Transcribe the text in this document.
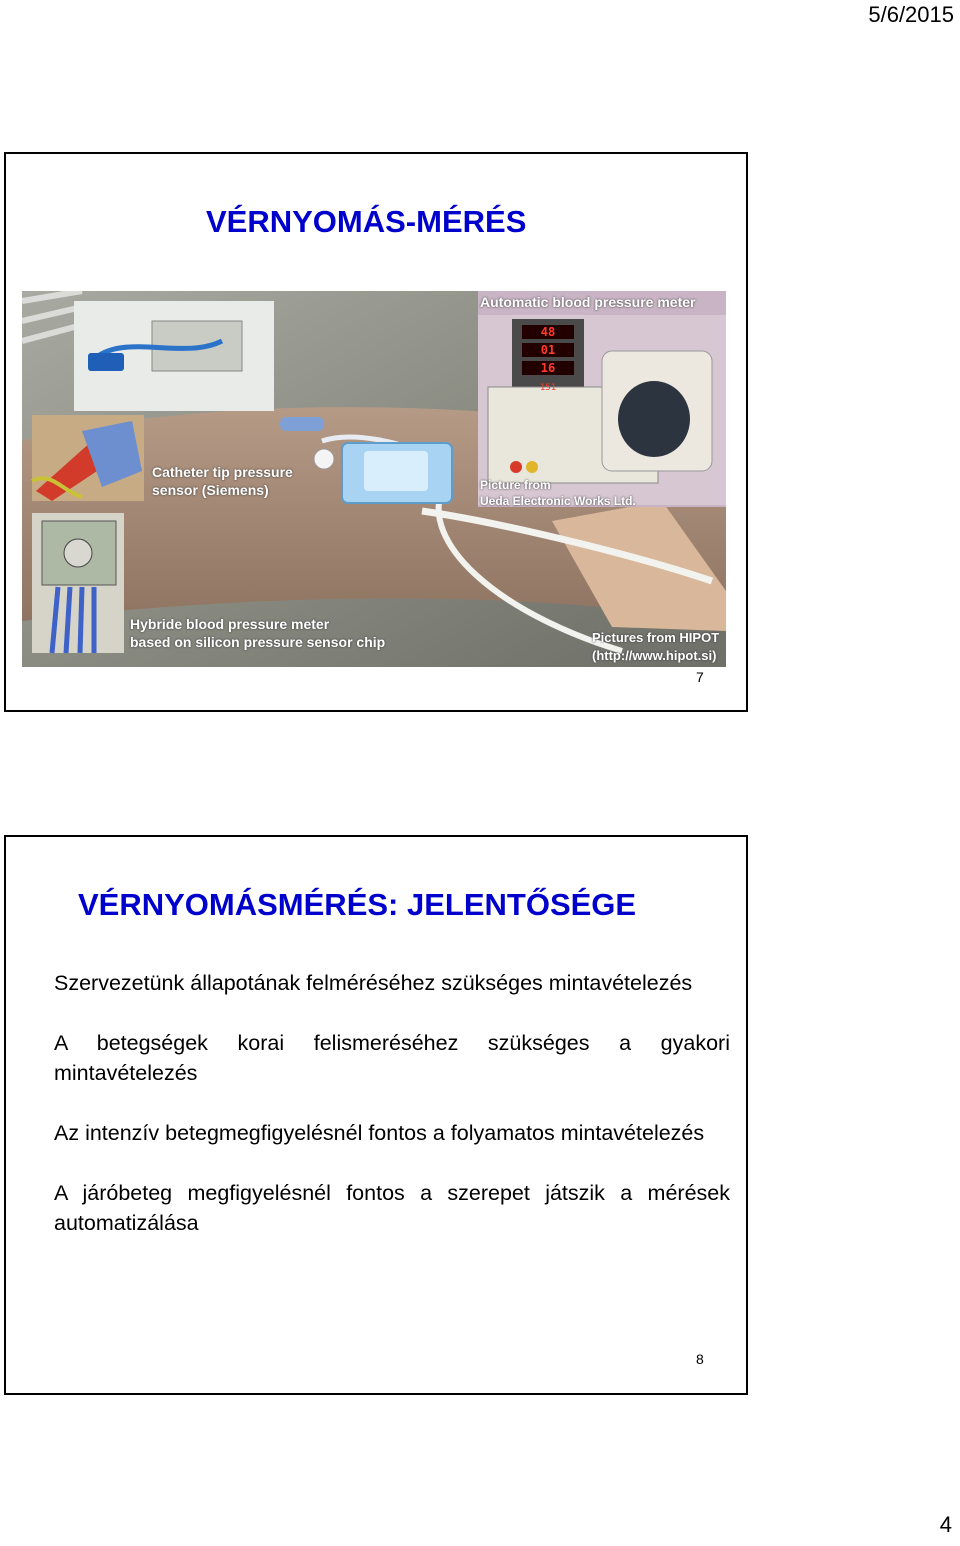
5/6/2015
VÉRNYOMÁS-MÉRÉS
48
01
16
151
Automatic blood pressure meter
Catheter tip pressure
sensor (Siemens)	Picture from
Ueda Electronic Works Ltd.
Hybride blood pressure meter
based on silicon pressure sensor chip	Pictures from HIPOT
(http://www.hipot.si)
7
VÉRNYOMÁSMÉRÉS: JELENTŐSÉGE

Szervezetünk állapotának felméréséhez szükséges mintavételezés

A betegségek korai felismeréséhez szükséges a gyakori mintavételezés

Az intenzív betegmegfigyelésnél fontos a folyamatos mintavételezés

A járóbeteg megfigyelésnél fontos a szerepet játszik a mérések automatizálása

8
4
